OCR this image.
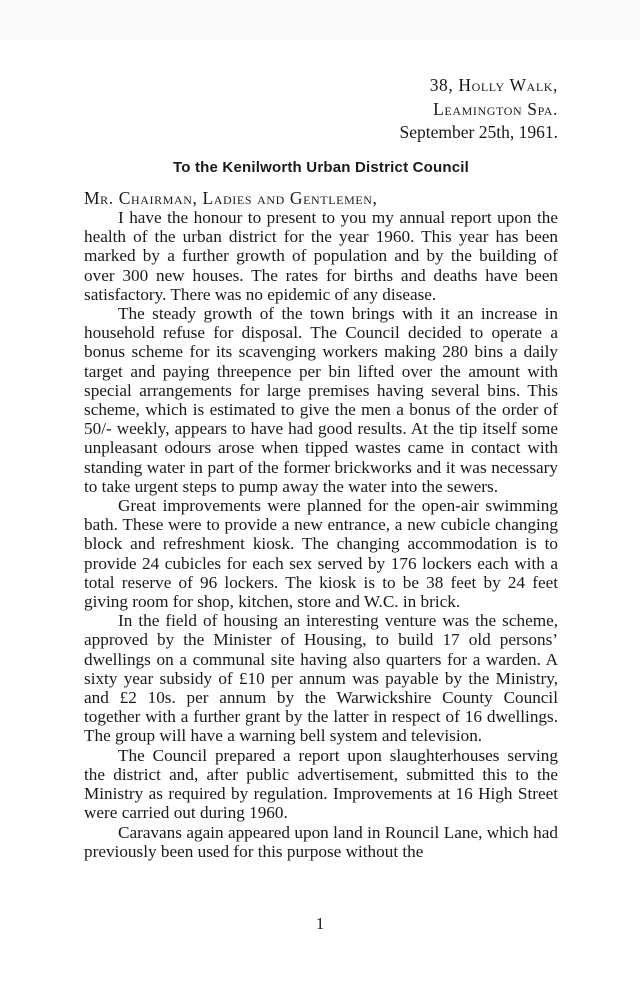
38, Holly Walk,
Leamington Spa.
September 25th, 1961.
To the Kenilworth Urban District Council
Mr. Chairman, Ladies and Gentlemen,

I have the honour to present to you my annual report upon the health of the urban district for the year 1960. This year has been marked by a further growth of population and by the building of over 300 new houses. The rates for births and deaths have been satisfactory. There was no epidemic of any disease.

The steady growth of the town brings with it an increase in household refuse for disposal. The Council decided to operate a bonus scheme for its scavenging workers making 280 bins a daily target and paying threepence per bin lifted over the amount with special arrangements for large premises having several bins. This scheme, which is estimated to give the men a bonus of the order of 50/- weekly, appears to have had good results. At the tip itself some unpleasant odours arose when tipped wastes came in contact with standing water in part of the former brickworks and it was necessary to take urgent steps to pump away the water into the sewers.

Great improvements were planned for the open-air swimming bath. These were to provide a new entrance, a new cubicle changing block and refreshment kiosk. The changing accommodation is to provide 24 cubicles for each sex served by 176 lockers each with a total reserve of 96 lockers. The kiosk is to be 38 feet by 24 feet giving room for shop, kitchen, store and W.C. in brick.

In the field of housing an interesting venture was the scheme, approved by the Minister of Housing, to build 17 old persons’ dwellings on a communal site having also quarters for a warden. A sixty year subsidy of £10 per annum was payable by the Ministry, and £2 10s. per annum by the Warwickshire County Council together with a further grant by the latter in respect of 16 dwellings. The group will have a warning bell system and television.

The Council prepared a report upon slaughterhouses serving the district and, after public advertisement, submitted this to the Ministry as required by regulation. Improvements at 16 High Street were carried out during 1960.

Caravans again appeared upon land in Rouncil Lane, which had previously been used for this purpose without the

1
